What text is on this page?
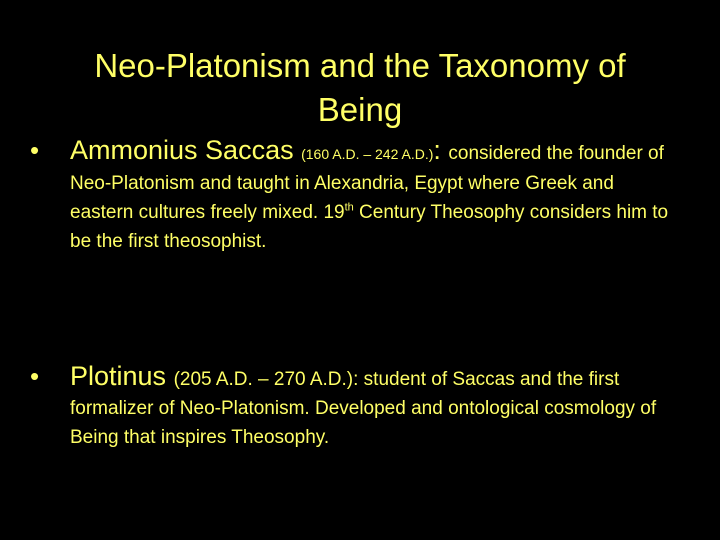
Neo-Platonism and the Taxonomy of
Being
• Ammonius Saccas (160 A.D. – 242 A.D.): considered the founder of Neo-Platonism and taught in Alexandria, Egypt where Greek and eastern cultures freely mixed. 19th Century Theosophy considers him to be the first theosophist.
• Plotinus (205 A.D. – 270 A.D.): student of Saccas and the first formalizer of Neo-Platonism. Developed and ontological cosmology of Being that inspires Theosophy.
